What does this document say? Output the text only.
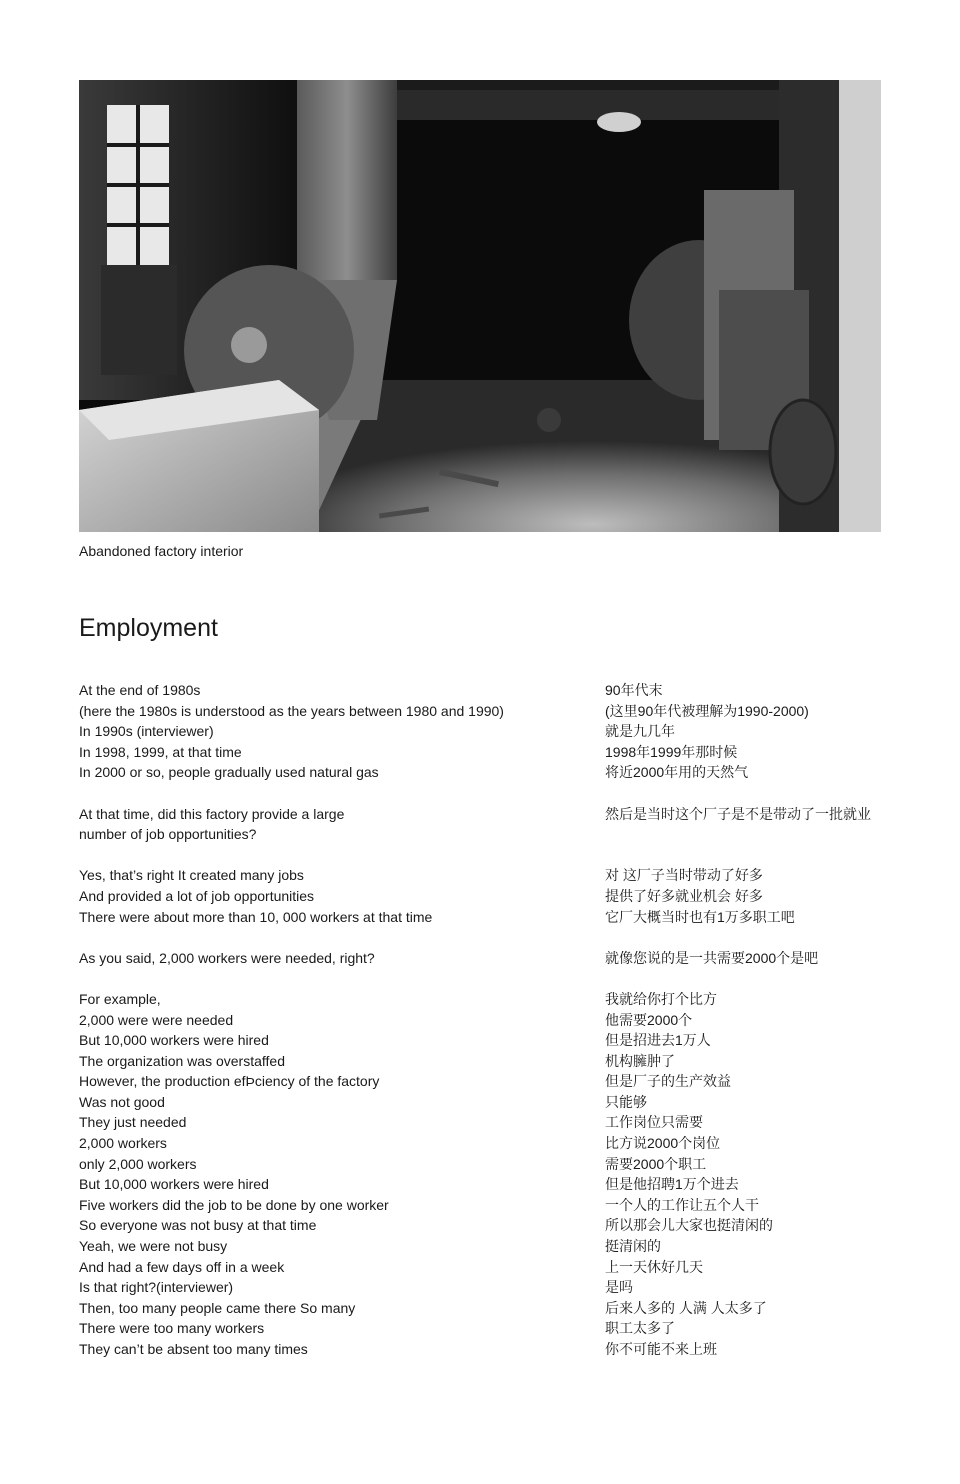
Abandoned factory interior
Employment
At the end of 1980s
(here the 1980s is understood as the years between 1980 and 1990)
In 1990s (interviewer)
In 1998, 1999, at that time
In 2000 or so, people gradually used natural gas
At that time, did this factory provide a large
number of job opportunities?
Yes, that’s right It created many jobs
And provided a lot of job opportunities
There were about more than 10, 000 workers at that time
As you said, 2,000 workers were needed, right?
For example,
2,000 were were needed
But 10,000 workers were hired
The organization was overstaffed
However, the production efÞciency of the factory
Was not good
They just needed
2,000 workers
only 2,000 workers
But 10,000 workers were hired
Five workers did the job to be done by one worker
So everyone was not busy at that time
Yeah, we were not busy
And had a few days off in a week
Is that right?(interviewer)
Then, too many people came there So many
There were too many workers
They can’t be absent too many times
90年代末
(这里90年代被理解为1990-2000)
就是九几年
1998年1999年那时候
将近2000年用的天然气
然后是当时这个厂子是不是带动了一批就业

对 这厂子当时带动了好多
提供了好多就业机会 好多
它厂大概当时也有1万多职工吧
就像您说的是一共需要2000个是吧
我就给你打个比方
他需要2000个
但是招进去1万人
机构臃肿了
但是厂子的生产效益
只能够
工作岗位只需要
比方说2000个岗位
需要2000个职工
但是他招聘1万个进去
一个人的工作让五个人干
所以那会儿大家也挺清闲的
挺清闲的
上一天休好几天
是吗
后来人多的 人满 人太多了
职工太多了
你不可能不来上班
